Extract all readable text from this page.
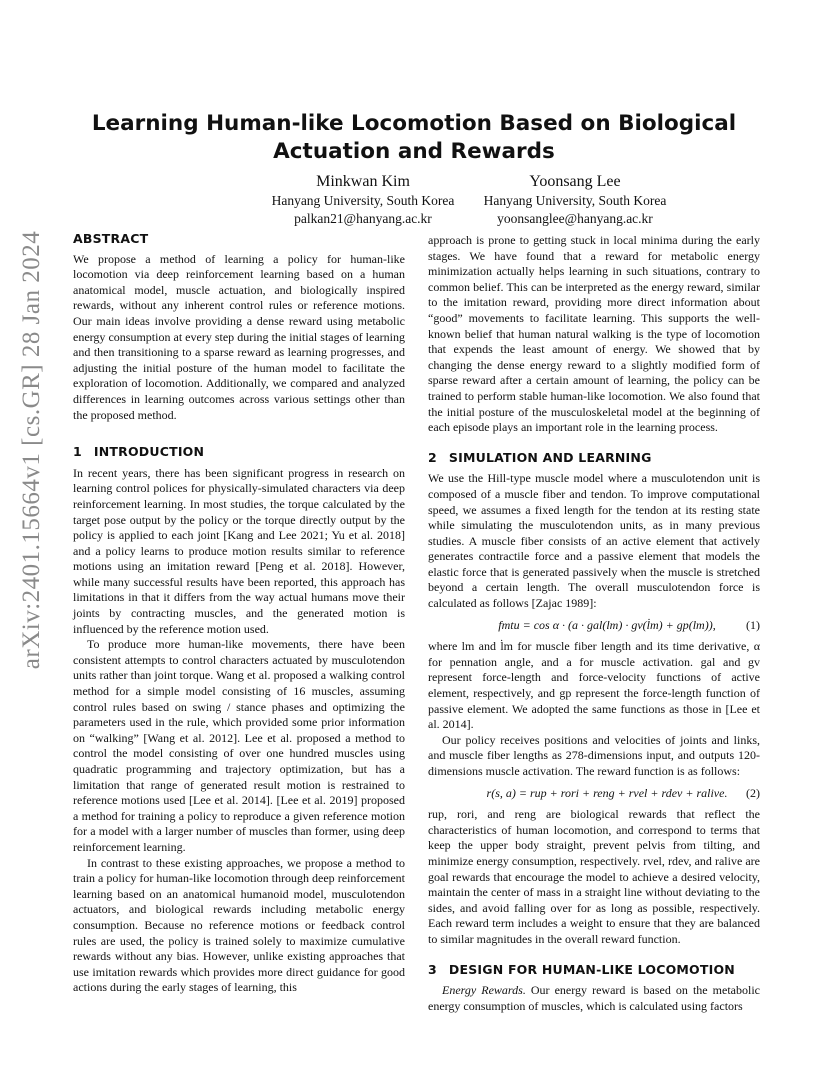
arXiv:2401.15664v1 [cs.GR] 28 Jan 2024
Learning Human-like Locomotion Based on Biological Actuation and Rewards
Minkwan Kim
Hanyang University, South Korea
palkan21@hanyang.ac.kr
Yoonsang Lee
Hanyang University, South Korea
yoonsanglee@hanyang.ac.kr
ABSTRACT

We propose a method of learning a policy for human-like locomotion via deep reinforcement learning based on a human anatomical model, muscle actuation, and biologically inspired rewards, without any inherent control rules or reference motions. Our main ideas involve providing a dense reward using metabolic energy consumption at every step during the initial stages of learning and then transitioning to a sparse reward as learning progresses, and adjusting the initial posture of the human model to facilitate the exploration of locomotion. Additionally, we compared and analyzed differences in learning outcomes across various settings other than the proposed method.

1 INTRODUCTION

In recent years, there has been significant progress in research on learning control polices for physically-simulated characters via deep reinforcement learning. In most studies, the torque calculated by the target pose output by the policy or the torque directly output by the policy is applied to each joint [Kang and Lee 2021; Yu et al. 2018] and a policy learns to produce motion results similar to reference motions using an imitation reward [Peng et al. 2018]. However, while many successful results have been reported, this approach has limitations in that it differs from the way actual humans move their joints by contracting muscles, and the generated motion is influenced by the reference motion used.

To produce more human-like movements, there have been consistent attempts to control characters actuated by musculotendon units rather than joint torque. Wang et al. proposed a walking control method for a simple model consisting of 16 muscles, assuming control rules based on swing / stance phases and optimizing the parameters used in the rule, which provided some prior information on “walking” [Wang et al. 2012]. Lee et al. proposed a method to control the model consisting of over one hundred muscles using quadratic programming and trajectory optimization, but has a limitation that range of generated result motion is restrained to reference motions used [Lee et al. 2014]. [Lee et al. 2019] proposed a method for training a policy to reproduce a given reference motion for a model with a larger number of muscles than former, using deep reinforcement learning.

In contrast to these existing approaches, we propose a method to train a policy for human-like locomotion through deep reinforcement learning based on an anatomical humanoid model, musculotendon actuators, and biological rewards including metabolic energy consumption. Because no reference motions or feedback control rules are used, the policy is trained solely to maximize cumulative rewards without any bias. However, unlike existing approaches that use imitation rewards which provides more direct guidance for good actions during the early stages of learning, this

approach is prone to getting stuck in local minima during the early stages. We have found that a reward for metabolic energy minimization actually helps learning in such situations, contrary to common belief. This can be interpreted as the energy reward, similar to the imitation reward, providing more direct information about “good” movements to facilitate learning. This supports the well-known belief that human natural walking is the type of locomotion that expends the least amount of energy. We showed that by changing the dense energy reward to a slightly modified form of sparse reward after a certain amount of learning, the policy can be trained to perform stable human-like locomotion. We also found that the initial posture of the musculoskeletal model at the beginning of each episode plays an important role in the learning process.

2 SIMULATION AND LEARNING

We use the Hill-type muscle model where a musculotendon unit is composed of a muscle fiber and tendon. To improve computational speed, we assumes a fixed length for the tendon at its resting state while simulating the musculotendon units, as in many previous studies. A muscle fiber consists of an active element that actively generates contractile force and a passive element that models the elastic force that is generated passively when the muscle is stretched beyond a certain length. The overall musculotendon force is calculated as follows [Zajac 1989]:

fmtu = cos α · (a · gal(lm) · gv(l̇m) + gp(lm)),	(1)

where lm and l̇m for muscle fiber length and its time derivative, α for pennation angle, and a for muscle activation. gal and gv represent force-length and force-velocity functions of active element, respectively, and gp represent the force-length function of passive element. We adopted the same functions as those in [Lee et al. 2014].

Our policy receives positions and velocities of joints and links, and muscle fiber lengths as 278-dimensions input, and outputs 120-dimensions muscle activation. The reward function is as follows:

r(s, a) = rup + rori + reng + rvel + rdev + ralive. (2)

rup, rori, and reng are biological rewards that reflect the characteristics of human locomotion, and correspond to terms that keep the upper body straight, prevent pelvis from tilting, and minimize energy consumption, respectively. rvel, rdev, and ralive are goal rewards that encourage the model to achieve a desired velocity, maintain the center of mass in a straight line without deviating to the sides, and avoid falling over for as long as possible, respectively. Each reward term includes a weight to ensure that they are balanced to similar magnitudes in the overall reward function.

3 DESIGN FOR HUMAN-LIKE LOCOMOTION

Energy Rewards. Our energy reward is based on the metabolic energy consumption of muscles, which is calculated using factors
